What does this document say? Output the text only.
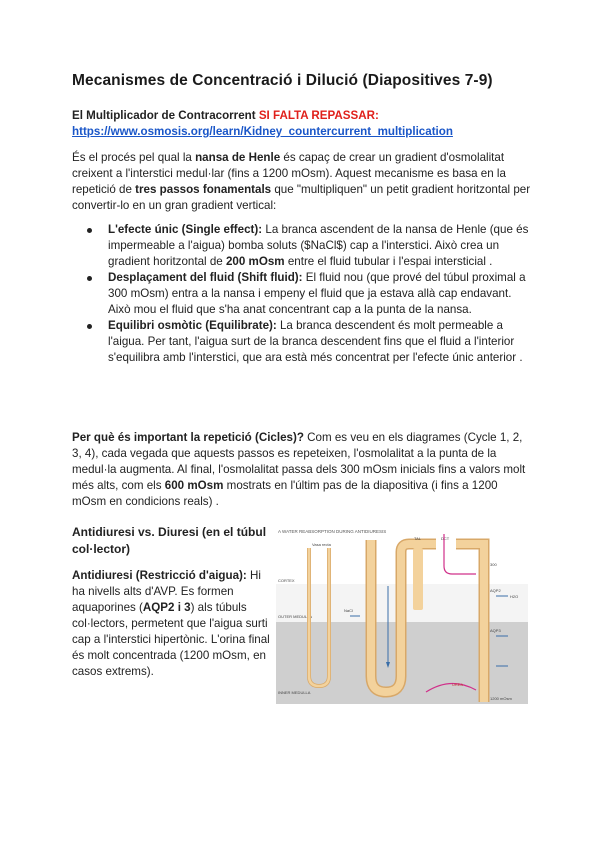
Mecanismes de Concentració i Dilució (Diapositives 7-9)
El Multiplicador de Contracorrent SI FALTA REPASSAR:
https://www.osmosis.org/learn/Kidney_countercurrent_multiplication

És el procés pel qual la nansa de Henle és capaç de crear un gradient d'osmolalitat creixent a l'interstici medul·lar (fins a 1200 mOsm). Aquest mecanisme es basa en la repetició de tres passos fonamentals que "multipliquen" un petit gradient horitzontal per convertir-lo en un gran gradient vertical:

L'efecte únic (Single effect): La branca ascendent de la nansa de Henle (que és impermeable a l'aigua) bomba soluts ($NaCl$) cap a l'interstici. Això crea un gradient horitzontal de 200 mOsm entre el fluid tubular i l'espai intersticial .
Desplaçament del fluid (Shift fluid): El fluid nou (que prové del túbul proximal a 300 mOsm) entra a la nansa i empeny el fluid que ja estava allà cap endavant. Això mou el fluid que s'ha anat concentrant cap a la punta de la nansa.
Equilibri osmòtic (Equilibrate): La branca descendent és molt permeable a l'aigua. Per tant, l'aigua surt de la branca descendent fins que el fluid a l'interior s'equilibra amb l'interstici, que ara està més concentrat per l'efecte únic anterior .

Per què és important la repetició (Cicles)? Com es veu en els diagrames (Cycle 1, 2, 3, 4), cada vegada que aquests passos es repeteixen, l'osmolalitat a la punta de la medul·la augmenta. Al final, l'osmolalitat passa dels 300 mOsm inicials fins a valors molt més alts, com els 600 mOsm mostrats en l'últim pas de la diapositiva (i fins a 1200 mOsm en condicions reals) .

Antidiuresi vs. Diuresi (en el túbul col·lector)

Antidiuresi (Restricció d'aigua): Hi ha nivells alts d'AVP. Es formen aquaporines (AQP2 i 3) als túbuls col·lectors, permetent que l'aigua surti cap a l'interstici hipertònic. L'orina final és molt concentrada (1200 mOsm, en casos extrems).

A WATER REABSORPTION DURING ANTIDIURESIS
CORTEX
OUTER MEDULLA
INNER MEDULLA
Vasa recta
TAL	DCT
AQP2
AQP3
H2O
NaCl
UREA
1200 mOsm
300
